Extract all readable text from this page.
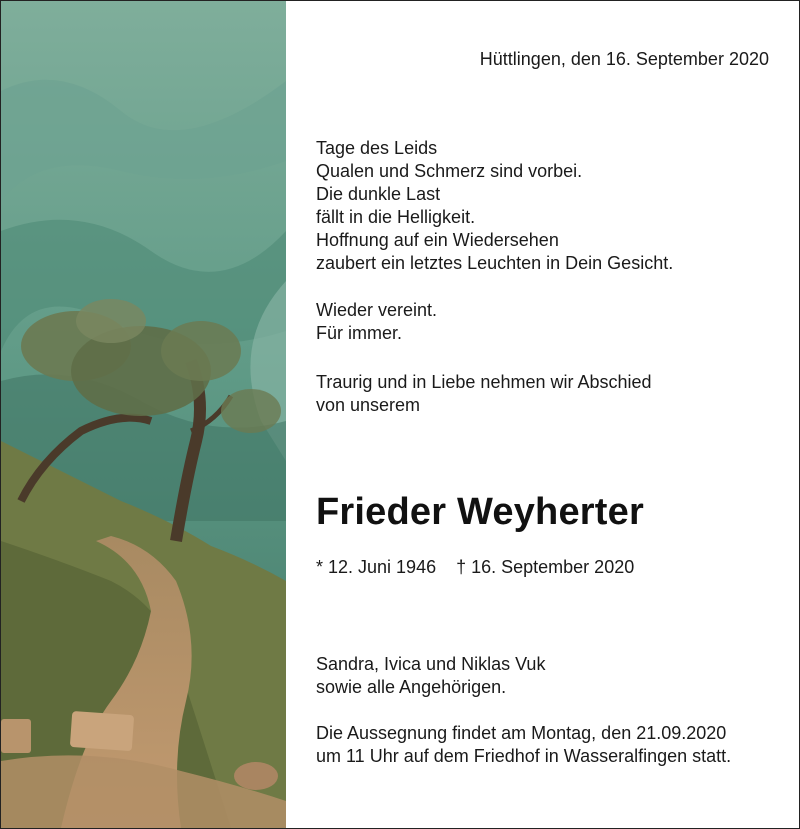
Hüttlingen, den 16. September 2020
Tage des Leids
Qualen und Schmerz sind vorbei.
Die dunkle Last
fällt in die Helligkeit.
Hoffnung auf ein Wiedersehen
zaubert ein letztes Leuchten in Dein Gesicht.
Wieder vereint.
Für immer.
Traurig und in Liebe nehmen wir Abschied
von unserem
Frieder Weyherter
* 12. Juni 1946 † 16. September 2020
Sandra, Ivica und Niklas Vuk
sowie alle Angehörigen.
Die Aussegnung findet am Montag, den 21.09.2020
um 11 Uhr auf dem Friedhof in Wasseralfingen statt.
